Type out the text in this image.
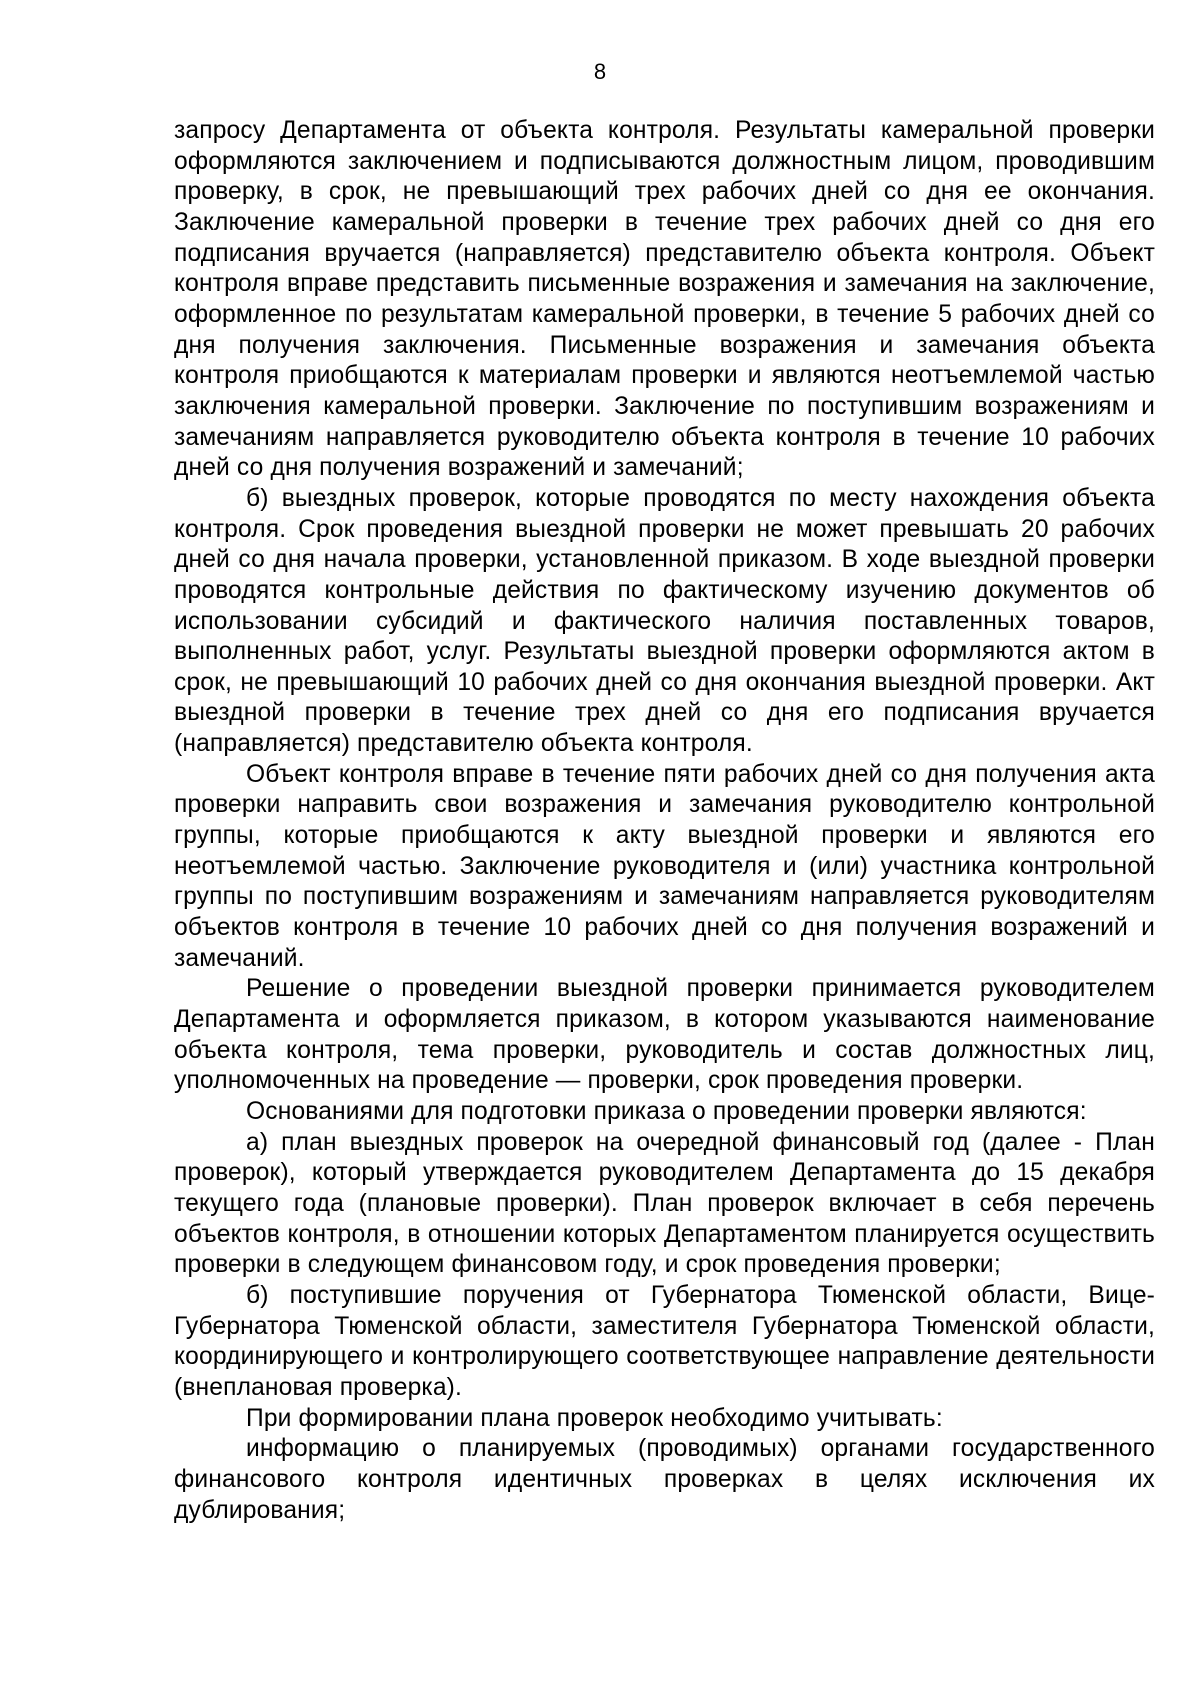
8

запросу Департамента от объекта контроля. Результаты камеральной проверки оформляются заключением и подписываются должностным лицом, проводившим проверку, в срок, не превышающий трех рабочих дней со дня ее окончания. Заключение камеральной проверки в течение трех рабочих дней со дня его подписания вручается (направляется) представителю объекта контроля. Объект контроля вправе представить письменные возражения и замечания на заключение, оформленное по результатам камеральной проверки, в течение 5 рабочих дней со дня получения заключения. Письменные возражения и замечания объекта контроля приобщаются к материалам проверки и являются неотъемлемой частью заключения камеральной проверки. Заключение по поступившим возражениям и замечаниям направляется руководителю объекта контроля в течение 10 рабочих дней со дня получения возражений и замечаний;

б) выездных проверок, которые проводятся по месту нахождения объекта контроля. Срок проведения выездной проверки не может превышать 20 рабочих дней со дня начала проверки, установленной приказом. В ходе выездной проверки проводятся контрольные действия по фактическому изучению документов об использовании субсидий и фактического наличия поставленных товаров, выполненных работ, услуг. Результаты выездной проверки оформляются актом в срок, не превышающий 10 рабочих дней со дня окончания выездной проверки. Акт выездной проверки в течение трех дней со дня его подписания вручается (направляется) представителю объекта контроля.

Объект контроля вправе в течение пяти рабочих дней со дня получения акта проверки направить свои возражения и замечания руководителю контрольной группы, которые приобщаются к акту выездной проверки и являются его неотъемлемой частью. Заключение руководителя и (или) участника контрольной группы по поступившим возражениям и замечаниям направляется руководителям объектов контроля в течение 10 рабочих дней со дня получения возражений и замечаний.

Решение о проведении выездной проверки принимается руководителем Департамента и оформляется приказом, в котором указываются наименование объекта контроля, тема проверки, руководитель и состав должностных лиц, уполномоченных на проведение — проверки, срок проведения проверки.

Основаниями для подготовки приказа о проведении проверки являются:

а) план выездных проверок на очередной финансовый год (далее - План проверок), который утверждается руководителем Департамента до 15 декабря текущего года (плановые проверки). План проверок включает в себя перечень объектов контроля, в отношении которых Департаментом планируется осуществить проверки в следующем финансовом году, и срок проведения проверки;

б) поступившие поручения от Губернатора Тюменской области, Вице-Губернатора Тюменской области, заместителя Губернатора Тюменской области, координирующего и контролирующего соответствующее направление деятельности (внеплановая проверка).

При формировании плана проверок необходимо учитывать:

информацию о планируемых (проводимых) органами государственного финансового контроля идентичных проверках в целях исключения их дублирования;
